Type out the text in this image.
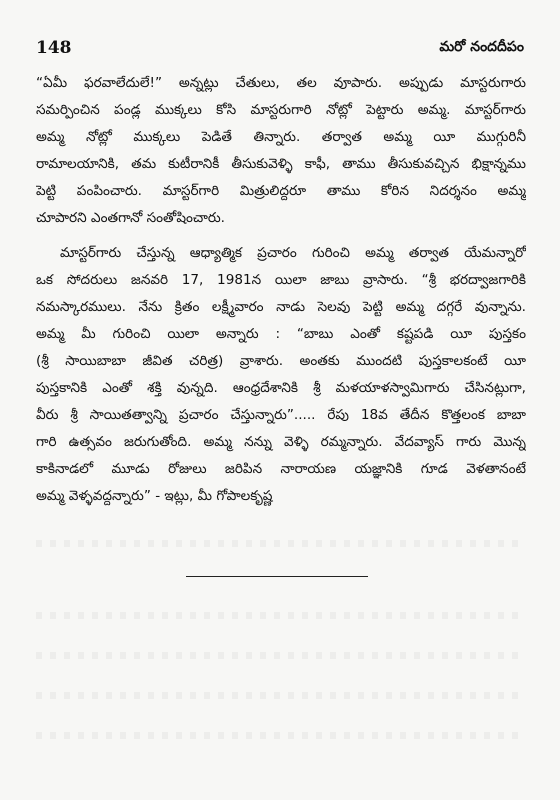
148	మరో నందదీపం
“ఏమీ ఫరవాలేదులే!” అన్నట్లు చేతులు, తల వూపారు. అప్పుడు మాస్టరుగారు
సమర్పించిన పండ్ల ముక్కలు కోసి మాస్టరుగారి నోట్లో పెట్టారు అమ్మ. మాస్టర్‌గారు
అమ్మ నోట్లో ముక్కలు పెడితే తిన్నారు. తర్వాత అమ్మ యీ ముగ్గురినీ
రామాలయానికి, తమ కుటీరానికీ తీసుకువెళ్ళి కాఫీ, తాము తీసుకువచ్చిన భిక్షాన్నము
పెట్టి పంపించారు. మాస్టర్‌గారి మిత్రులిద్దరూ తాము కోరిన నిదర్శనం అమ్మ
చూపారని ఎంతగానో సంతోషించారు.
మాస్టర్‌గారు చేస్తున్న ఆధ్యాత్మిక ప్రచారం గురించి అమ్మ తర్వాత యేమన్నారో
ఒక సోదరులు జనవరి 17, 1981న యిలా జాబు వ్రాసారు. “శ్రీ భరద్వాజగారికి
నమస్కారములు. నేను క్రితం లక్ష్మీవారం నాడు సెలవు పెట్టి అమ్మ దగ్గరే వున్నాను.
అమ్మ మీ గురించి యిలా అన్నారు : “బాబు ఎంతో కష్టపడి యీ పుస్తకం
(శ్రీ సాయిబాబా జీవిత చరిత్ర) వ్రాశారు. అంతకు ముందటి పుస్తకాలకంటే యీ
పుస్తకానికి ఎంతో శక్తి వున్నది. ఆంధ్రదేశానికి శ్రీ మళయాళస్వామిగారు చేసినట్లుగా,
వీరు శ్రీ సాయితత్వాన్ని ప్రచారం చేస్తున్నారు”..... రేపు 18వ తేదీన కొత్తలంక బాబా
గారి ఉత్సవం జరుగుతోంది. అమ్మ నన్ను వెళ్ళి రమ్మన్నారు. వేదవ్యాస్ గారు మొన్న
కాకినాడలో మూడు రోజులు జరిపిన నారాయణ యజ్ఞానికి గూడ వెళతానంటే
అమ్మ వెళ్ళవద్దన్నారు” - ఇట్లు, మీ గోపాలకృష్ణ
